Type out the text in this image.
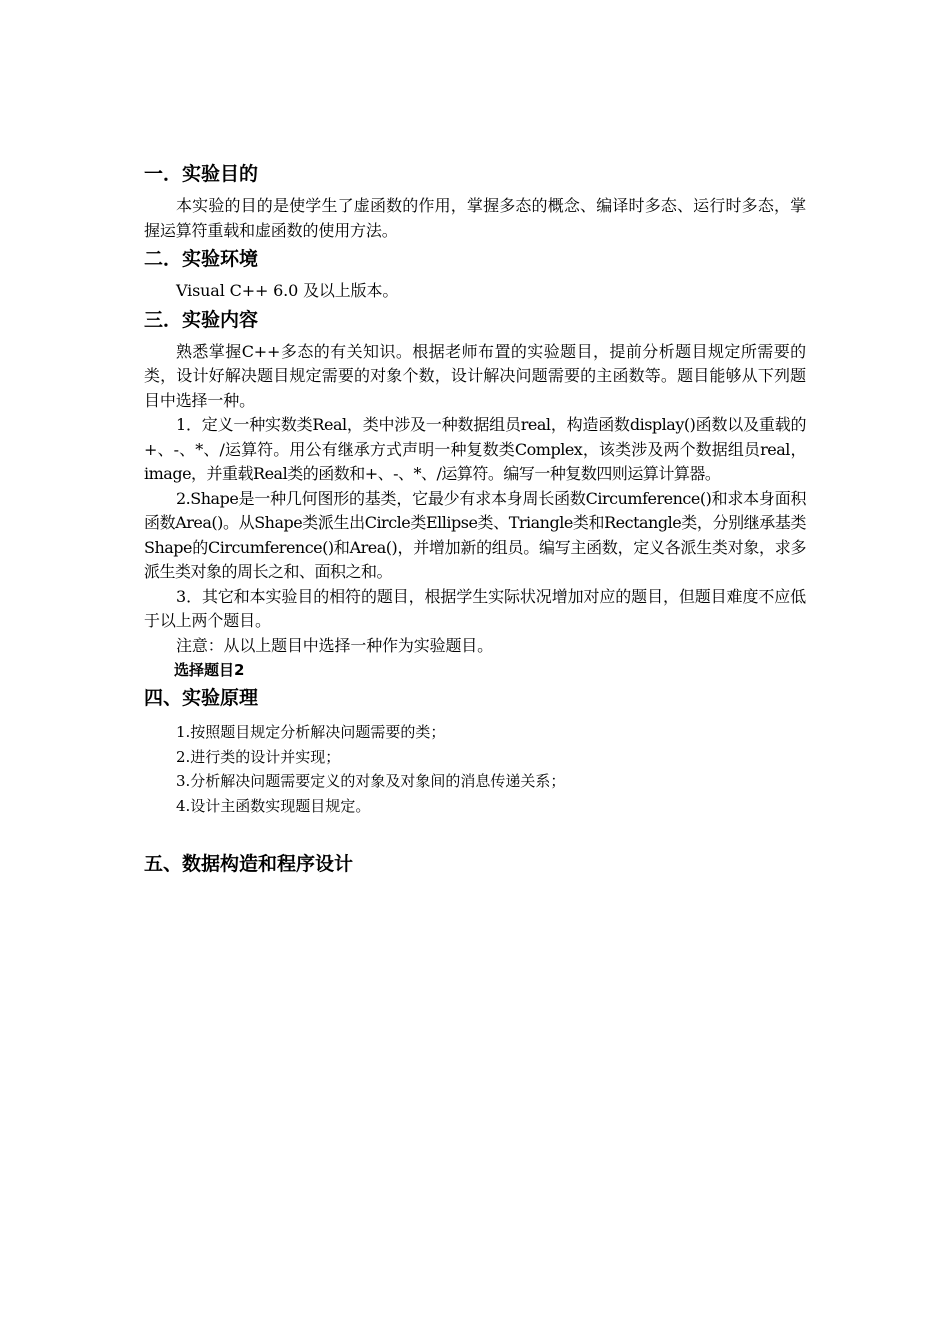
一．实验目的

本实验的目的是使学生了虚函数的作用，掌握多态的概念、编译时多态、运行时多态，掌握运算符重载和虚函数的使用方法。

二．实验环境

Visual C++ 6.0 及以上版本。

三．实验内容

熟悉掌握C++多态的有关知识。根据老师布置的实验题目，提前分析题目规定所需要的类，设计好解决题目规定需要的对象个数，设计解决问题需要的主函数等。题目能够从下列题目中选择一种。

1．定义一种实数类Real，类中涉及一种数据组员real，构造函数display()函数以及重载的+、-、*、/运算符。用公有继承方式声明一种复数类Complex，该类涉及两个数据组员real，image，并重载Real类的函数和+、-、*、/运算符。编写一种复数四则运算计算器。

2.Shape是一种几何图形的基类，它最少有求本身周长函数Circumference()和求本身面积函数Area()。从Shape类派生出Circle类Ellipse类、Triangle类和Rectangle类，分别继承基类Shape的Circumference()和Area()，并增加新的组员。编写主函数，定义各派生类对象，求多派生类对象的周长之和、面积之和。

3．其它和本实验目的相符的题目，根据学生实际状况增加对应的题目，但题目难度不应低于以上两个题目。

注意：从以上题目中选择一种作为实验题目。

选择题目2

四、实验原理
1.按照题目规定分析解决问题需要的类；
2.进行类的设计并实现；
3.分析解决问题需要定义的对象及对象间的消息传递关系；
4.设计主函数实现题目规定。
五、数据构造和程序设计
